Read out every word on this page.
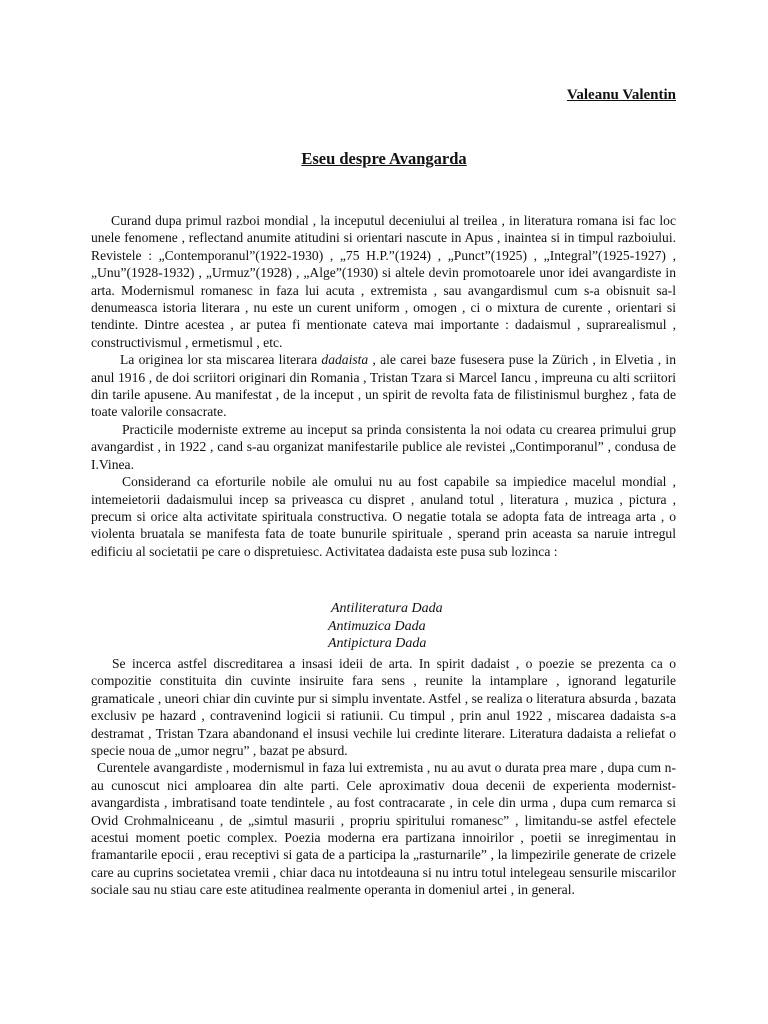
Valeanu Valentin
Eseu despre Avangarda

Curand dupa primul razboi mondial , la inceputul deceniului al treilea , in literatura romana isi fac loc unele fenomene , reflectand anumite atitudini si orientari nascute in Apus , inaintea si in timpul razboiului. Revistele : „Contemporanul”(1922-1930) , „75 H.P.”(1924) , „Punct”(1925) , „Integral”(1925-1927) , „Unu”(1928-1932) , „Urmuz”(1928) , „Alge”(1930) si altele devin promotoarele unor idei avangardiste in arta. Modernismul romanesc in faza lui acuta , extremista , sau avangardismul cum s-a obisnuit sa-l denumeasca istoria literara , nu este un curent uniform , omogen , ci o mixtura de curente , orientari si tendinte. Dintre acestea , ar putea fi mentionate cateva mai importante : dadaismul , suprarealismul , constructivismul , ermetismul , etc.

La originea lor sta miscarea literara dadaista , ale carei baze fusesera puse la Zürich , in Elvetia , in anul 1916 , de doi scriitori originari din Romania , Tristan Tzara si Marcel Iancu , impreuna cu alti scriitori din tarile apusene. Au manifestat , de la inceput , un spirit de revolta fata de filistinismul burghez , fata de toate valorile consacrate.

Practicile moderniste extreme au inceput sa prinda consistenta la noi odata cu crearea primului grup avangardist , in 1922 , cand s-au organizat manifestarile publice ale revistei „Contimporanul” , condusa de I.Vinea.

Considerand ca eforturile nobile ale omului nu au fost capabile sa impiedice macelul mondial , intemeietorii dadaismului incep sa priveasca cu dispret , anuland totul , literatura , muzica , pictura , precum si orice alta activitate spirituala constructiva. O negatie totala se adopta fata de intreaga arta , o violenta bruatala se manifesta fata de toate bunurile spirituale , sperand prin aceasta sa naruie intregul edificiu al societatii pe care o dispretuiesc. Activitatea dadaista este pusa sub lozinca :

Antiliteratura Dada
Antimuzica Dada
Antipictura Dada

Se incerca astfel discreditarea a insasi ideii de arta. In spirit dadaist , o poezie se prezenta ca o compozitie constituita din cuvinte insiruite fara sens , reunite la intamplare , ignorand legaturile gramaticale , uneori chiar din cuvinte pur si simplu inventate. Astfel , se realiza o literatura absurda , bazata exclusiv pe hazard , contravenind logicii si ratiunii. Cu timpul , prin anul 1922 , miscarea dadaista s-a destramat , Tristan Tzara abandonand el insusi vechile lui credinte literare. Literatura dadaista a reliefat o specie noua de „umor negru” , bazat pe absurd.

Curentele avangardiste , modernismul in faza lui extremista , nu au avut o durata prea mare , dupa cum n-au cunoscut nici amploarea din alte parti. Cele aproximativ doua decenii de experienta modernist-avangardista , imbratisand toate tendintele , au fost contracarate , in cele din urma , dupa cum remarca si Ovid Crohmalniceanu , de „simtul masurii , propriu spiritului romanesc” , limitandu-se astfel efectele acestui moment poetic complex. Poezia moderna era partizana innoirilor , poetii se inregimentau in framantarile epocii , erau receptivi si gata de a participa la „rasturnarile” , la limpezirile generate de crizele care au cuprins societatea vremii , chiar daca nu intotdeauna si nu intru totul intelegeau sensurile miscarilor sociale sau nu stiau care este atitudinea realmente operanta in domeniul artei , in general.
